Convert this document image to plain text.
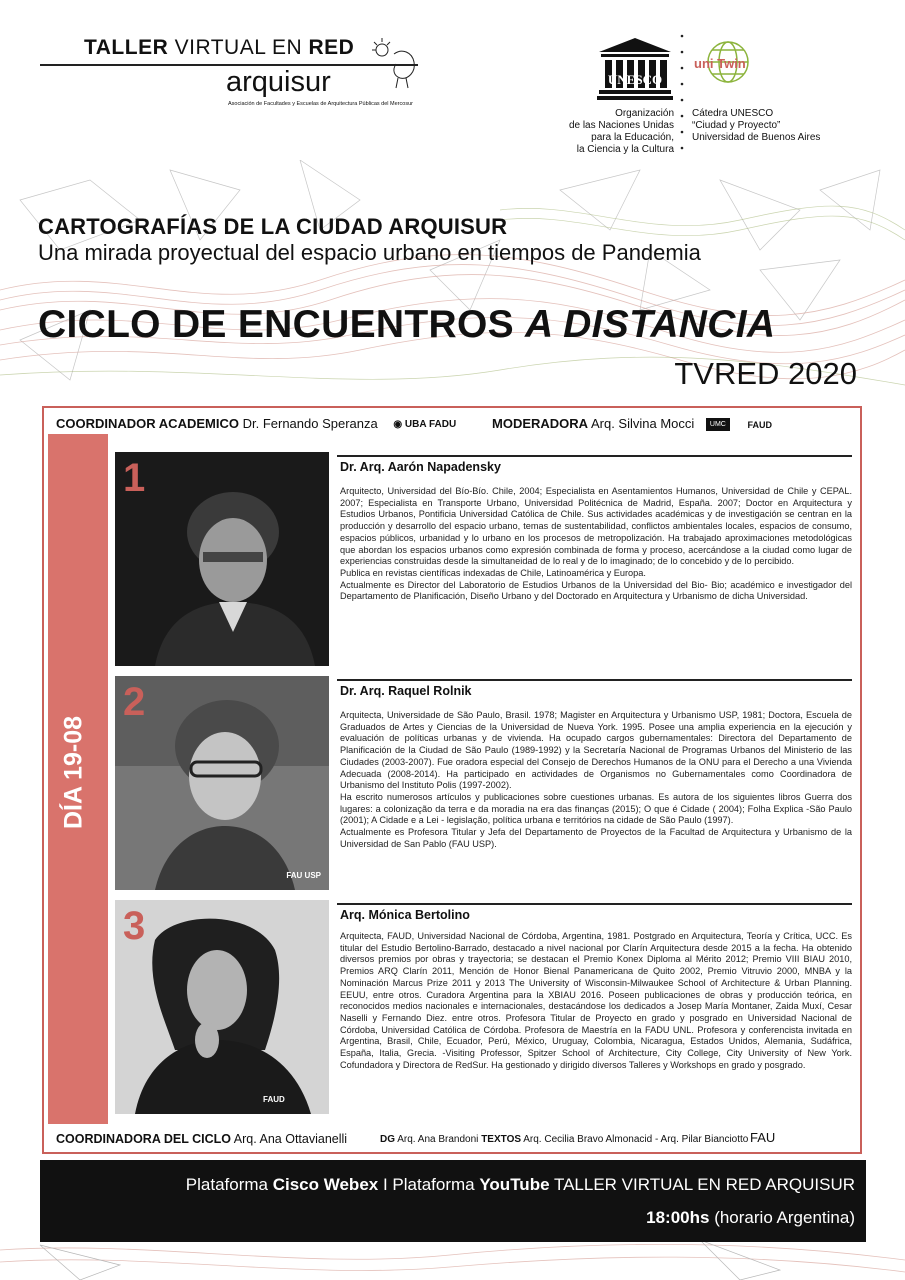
TALLER VIRTUAL EN RED
arquisur
Asociación de Facultades y Escuelas de Arquitectura Públicas del Mercosur
UNESCO
Organización
de las Naciones Unidas
para la Educación,
la Ciencia y la Cultura
uni Twin
Cátedra UNESCO
“Ciudad y Proyecto”
Universidad de Buenos Aires
CARTOGRAFÍAS DE LA CIUDAD ARQUISUR
Una mirada proyectual del espacio urbano en tiempos de Pandemia
CICLO DE ENCUENTROS A DISTANCIA
TVRED 2020
COORDINADOR ACADEMICO Dr. Fernando Speranza ◉ UBA FADU	MODERADORA Arq. Silvina Mocci UMC FAUD
DÍA 19-08
1	Dr. Arq. Aarón Napadensky

Arquitecto, Universidad del Bío-Bío. Chile, 2004; Especialista en Asentamientos Humanos, Universidad de Chile y CEPAL. 2007; Especialista en Transporte Urbano, Universidad Politécnica de Madrid, España. 2007; Doctor en Arquitectura y Estudios Urbanos, Pontificia Universidad Católica de Chile. Sus actividades académicas y de investigación se centran en la producción y desarrollo del espacio urbano, temas de sustentabilidad, conflictos ambientales locales, espacios de consumo, espacios públicos, urbanidad y lo urbano en los procesos de metropolización. Ha trabajado aproximaciones metodológicas que abordan los espacios urbanos como expresión combinada de forma y proceso, acercándose a la ciudad como lugar de experiencias construidas desde la simultaneidad de lo real y de lo imaginado; de lo concebido y de lo percibido.

Publica en revistas científicas indexadas de Chile, Latinoamérica y Europa.

Actualmente es Director del Laboratorio de Estudios Urbanos de la Universidad del Bio- Bio; académico e investigador del Departamento de Planificación, Diseño Urbano y del Doctorado en Arquitectura y Urbanismo de dicha Universidad.

2
FAU USP
Dr. Arq. Raquel Rolnik

Arquitecta, Universidade de São Paulo, Brasil. 1978; Magister en Arquitectura y Urbanismo USP, 1981; Doctora, Escuela de Graduados de Artes y Ciencias de la Universidad de Nueva York. 1995. Posee una amplia experiencia en la ejecución y evaluación de políticas urbanas y de vivienda. Ha ocupado cargos gubernamentales: Directora del Departamento de Planificación de la Ciudad de São Paulo (1989-1992) y la Secretaría Nacional de Programas Urbanos del Ministerio de las Ciudades (2003-2007). Fue oradora especial del Consejo de Derechos Humanos de la ONU para el Derecho a una Vivienda Adecuada (2008-2014). Ha participado en actividades de Organismos no Gubernamentales como Coordinadora de Urbanismo del Instituto Polis (1997-2002).

Ha escrito numerosos artículos y publicaciones sobre cuestiones urbanas. Es autora de los siguientes libros Guerra dos lugares: a colonização da terra e da moradia na era das finanças (2015); O que é Cidade ( 2004); Folha Explica -São Paulo (2001); A Cidade e a Lei - legislação, política urbana e territórios na cidade de São Paulo (1997).

Actualmente es Profesora Titular y Jefa del Departamento de Proyectos de la Facultad de Arquitectura y Urbanismo de la Universidad de San Pablo (FAU USP).

3
FAUD
Arq. Mónica Bertolino

Arquitecta, FAUD, Universidad Nacional de Córdoba, Argentina, 1981. Postgrado en Arquitectura, Teoría y Crítica, UCC. Es titular del Estudio Bertolino-Barrado, destacado a nivel nacional por Clarín Arquitectura desde 2015 a la fecha. Ha obtenido diversos premios por obras y trayectoria; se destacan el Premio Konex Diploma al Mérito 2012; Premio VIII BIAU 2010, Premios ARQ Clarín 2011, Mención de Honor Bienal Panamericana de Quito 2002, Premio Vitruvio 2000, MNBA y la Nominación Marcus Prize 2011 y 2013 The University of Wisconsin-Milwaukee School of Architecture & Urban Planning. EEUU, entre otros. Curadora Argentina para la XBIAU 2016. Poseen publicaciones de obras y producción teórica, en reconocidos medios nacionales e internacionales, destacándose los dedicados a Josep María Montaner, Zaida Muxí, Cesar Naselli y Fernando Diez. entre otros. Profesora Titular de Proyecto en grado y posgrado en Universidad Nacional de Córdoba, Universidad Católica de Córdoba. Profesora de Maestría en la FADU UNL. Profesora y conferencista invitada en Argentina, Brasil, Chile, Ecuador, Perú, México, Uruguay, Colombia, Nicaragua, Estados Unidos, Alemania, Sudáfrica, España, Italia, Grecia. -Visiting Professor, Spitzer School of Architecture, City College, City University of New York. Cofundadora y Directora de RedSur. Ha gestionado y dirigido diversos Talleres y Workshops en grado y posgrado.

COORDINADORA DEL CICLO Arq. Ana Ottavianelli	DG Arq. Ana Brandoni TEXTOS Arq. Cecilia Bravo Almonacid - Arq. Pilar Bianciotto FAU
Plataforma Cisco Webex I Plataforma YouTube TALLER VIRTUAL EN RED ARQUISUR
18:00hs (horario Argentina)
